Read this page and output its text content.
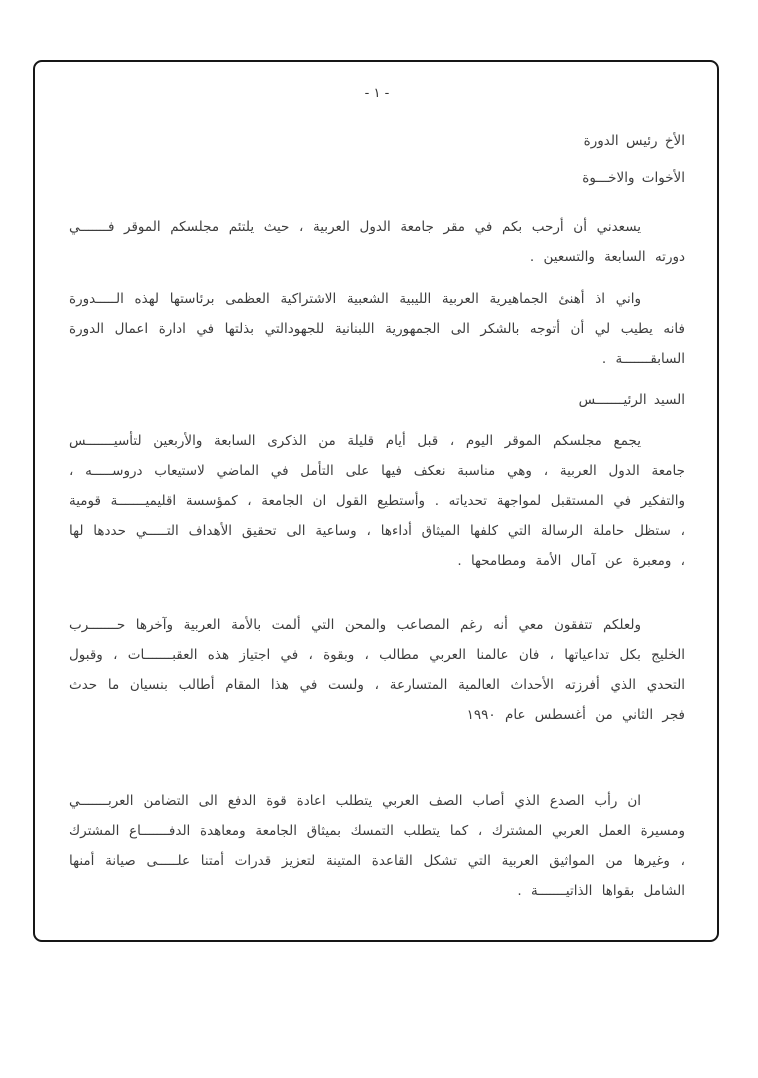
- ١ -
الأخ رئيس الدورة
الأخوات والاخـــوة

يسعدني أن أرحب بكم في مقر جامعة الدول العربية ، حيث يلتئم مجلسكم الموقر فـــــــي دورته السابعة والتسعين .

واني اذ أهنئ الجماهيرية العربية الليبية الشعبية الاشتراكية العظمى برئاستها لهذه الـــــدورة فانه يطيب لي أن أتوجه بالشكر الى الجمهورية اللبنانية للجهودالتي بذلتها في ادارة اعمال الدورة السابقـــــــة .

السيد الرئيـــــــس

يجمع مجلسكم الموقر اليوم ، قبل أيام قليلة من الذكرى السابعة والأربعين لتأسيـــــــس جامعة الدول العربية ، وهي مناسبة نعكف فيها على التأمل في الماضي لاستيعاب دروســـــه ، والتفكير في المستقبل لمواجهة تحدياته . وأستطيع القول ان الجامعة ، كمؤسسة اقليميـــــــة قومية ، ستظل حاملة الرسالة التي كلفها الميثاق أداءها ، وساعية الى تحقيق الأهداف التـــــي حددها لها ، ومعبرة عن آمال الأمة ومطامحها .

ولعلكم تتفقون معي أنه رغم المصاعب والمحن التي ألمت بالأمة العربية وآخرها حـــــــرب الخليج بكل تداعياتها ، فان عالمنا العربي مطالب ، وبقوة ، في اجتياز هذه العقبـــــــات ، وقبول التحدي الذي أفرزته الأحداث العالمية المتسارعة ، ولست في هذا المقام أطالب بنسيان ما حدث فجر الثاني من أغسطس عام ١٩٩٠

ان رأب الصدع الذي أصاب الصف العربي يتطلب اعادة قوة الدفع الى التضامن العربـــــــي ومسيرة العمل العربي المشترك ، كما يتطلب التمسك بميثاق الجامعة ومعاهدة الدفـــــــاع المشترك ، وغيرها من المواثيق العربية التي تشكل القاعدة المتينة لتعزيز قدرات أمتنا علـــــى صيانة أمنها الشامل بقواها الذاتيـــــــة .
